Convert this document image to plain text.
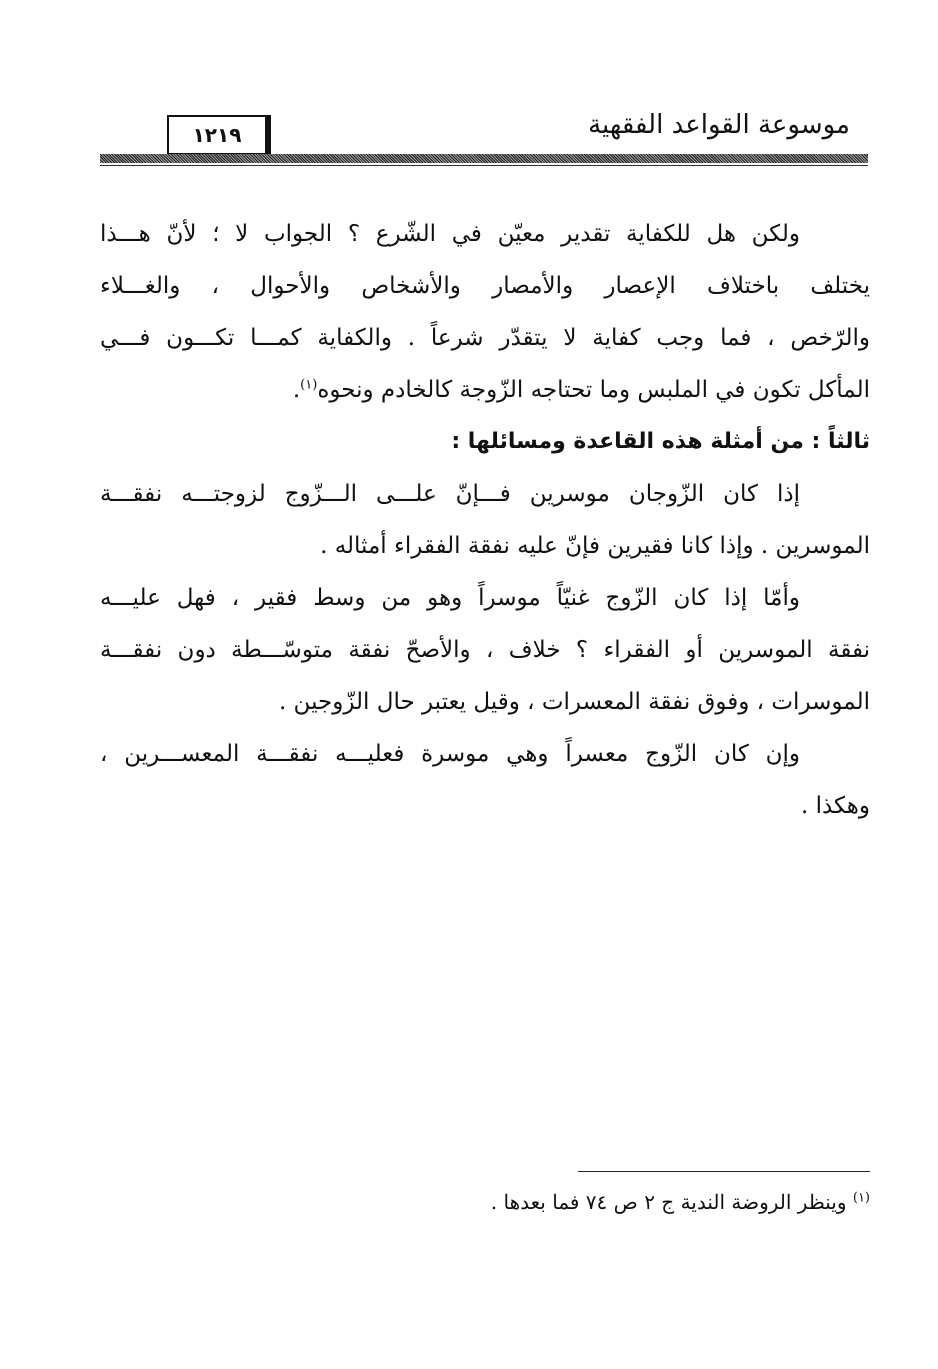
موسوعة القواعد الفقهية
١٢١٩

ولكن هل للكفاية تقدير معيّن في الشّرع ؟ الجواب لا ؛ لأنّ هـــذا
يختلف باختلاف الإعصار والأمصار والأشخاص والأحوال ، والغـــلاء
والرّخص ، فما وجب كفاية لا يتقدّر شرعاً . والكفاية كمـــا تكـــون فـــي
المأكل تكون في الملبس وما تحتاجه الزّوجة كالخادم ونحوه$^{(١)}$.

ثالثاً : من أمثلة هذه القاعدة ومسائلها :

إذا كان الزّوجان موسرين فـــإنّ علـــى الـــزّوج لزوجتـــه نفقـــة
الموسرين . وإذا كانا فقيرين فإنّ عليه نفقة الفقراء أمثاله .

وأمّا إذا كان الزّوج غنيّاً موسراً وهو من وسط فقير ، فهل عليـــه
نفقة الموسرين أو الفقراء ؟ خلاف ، والأصحّ نفقة متوسّـــطة دون نفقـــة
الموسرات ، وفوق نفقة المعسرات ، وقيل يعتبر حال الزّوجين .

وإن كان الزّوج معسراً وهي موسرة فعليـــه نفقـــة المعســـرين ،
وهكذا .

$^{(١)}$ وينظر الروضة الندية ج ٢ ص ٧٤ فما بعدها .
